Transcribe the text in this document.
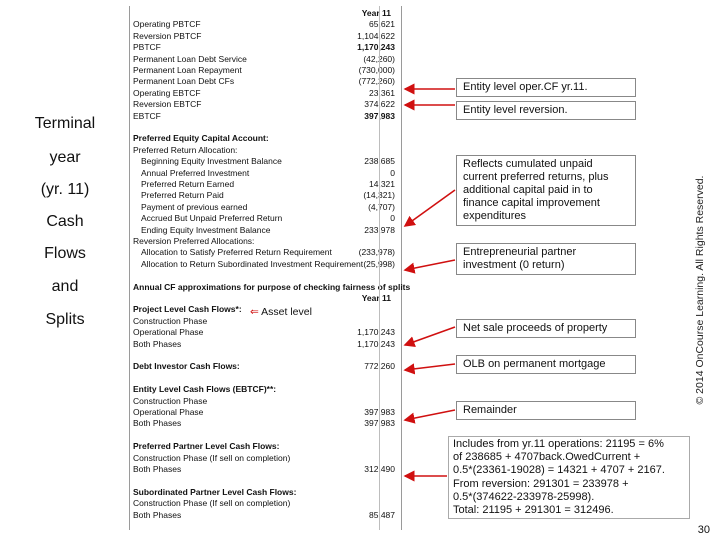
Terminal
year
(yr. 11)
Cash
Flows
and
Splits
Year 11
Operating PBTCF	65,621
Reversion PBTCF	1,104,622
PBTCF	1,170,243
Permanent Loan Debt Service	(42,260)
Permanent Loan Repayment	(730,000)
Permanent Loan Debt CFs	(772,260)
Operating EBTCF	23,361
Reversion EBTCF	374,622
EBTCF	397,983
Preferred Equity Capital Account:
Preferred Return Allocation:
Beginning Equity Investment Balance	238,685
Annual Preferred Investment	0
Preferred Return Earned	14,321
Preferred Return Paid	(14,321)
Payment of previous earned	(4,707)
Accrued But Unpaid Preferred Return	0
Ending Equity Investment Balance	233,978
Reversion Preferred Allocations:
Allocation to Satisfy Preferred Return Requirement	(233,978)
Allocation to Return Subordinated Investment Requirement (25,998)
Annual CF approximations for purpose of checking fairness of splits
Year 11
Project Level Cash Flows*:
Construction Phase
Operational Phase	1,170,243
Both Phases	1,170,243
Debt Investor Cash Flows:	772,260
Entity Level Cash Flows (EBTCF)**:
Construction Phase
Operational Phase	397,983
Both Phases	397,983
Preferred Partner Level Cash Flows:
Construction Phase (If sell on completion)
Both Phases	312,490
Subordinated Partner Level Cash Flows:
Construction Phase (If sell on completion)
Both Phases	85,487
⇐ Asset level
Entity level oper.CF yr.11.
Entity level reversion.
Reflects cumulated unpaid current preferred returns, plus additional capital paid in to finance capital improvement expenditures
Entrepreneurial partner investment (0 return)
Net sale proceeds of property
OLB on permanent mortgage
Remainder
Includes from yr.11 operations: 21195 = 6%
of 238685 + 4707back.OwedCurrent +
0.5*(23361-19028) = 14321 + 4707 + 2167.
From reversion: 291301 = 233978 +
0.5*(374622-233978-25998).
Total: 21195 + 291301 = 312496.
© 2014 OnCourse Learning. All Rights Reserved.
30
